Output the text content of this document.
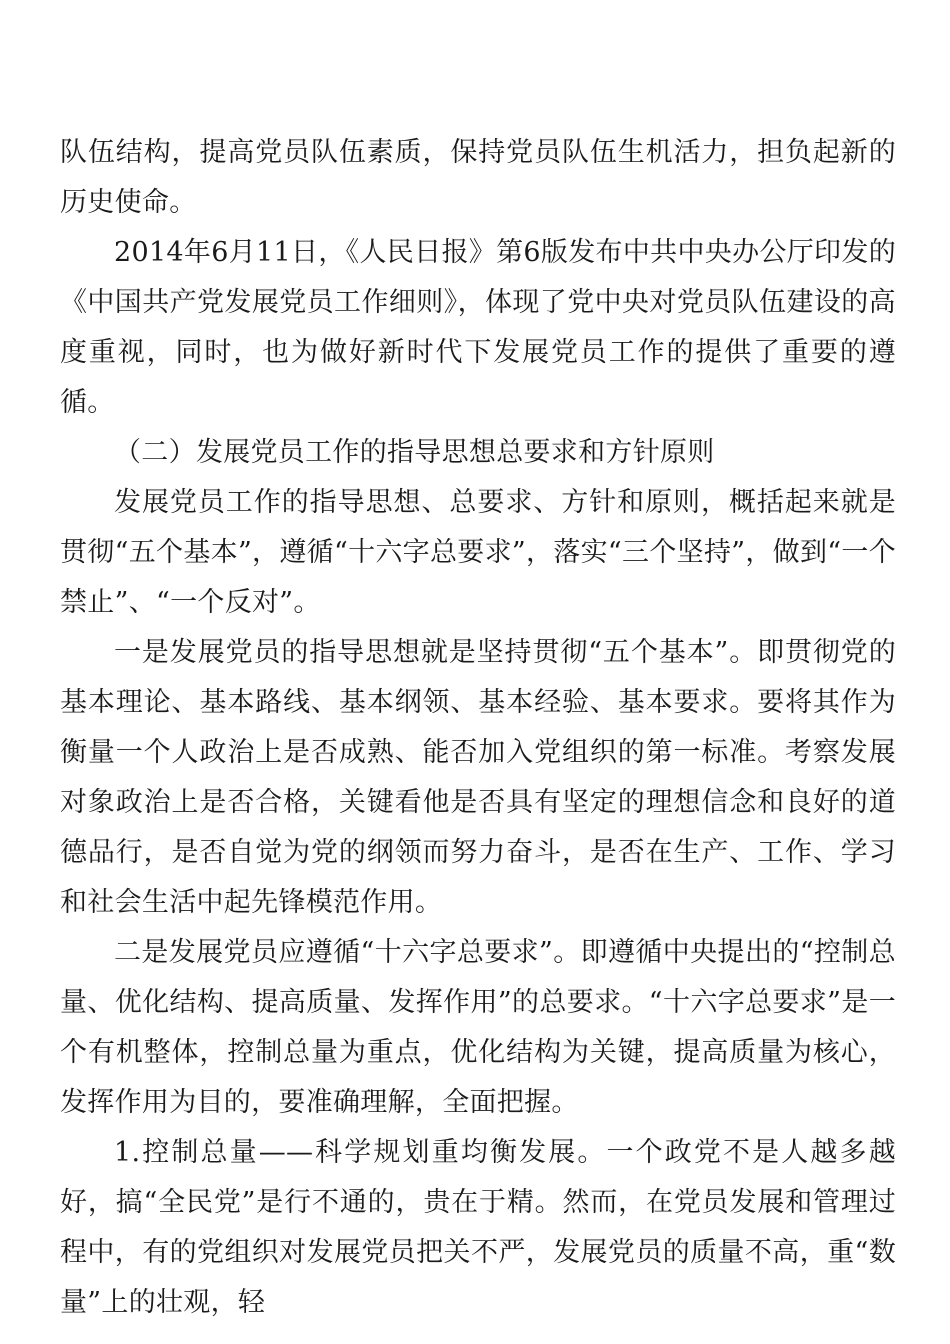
队伍结构，提高党员队伍素质，保持党员队伍生机活力，担负起新的历史使命。

2014年6月11日，《人民日报》第6版发布中共中央办公厅印发的《中国共产党发展党员工作细则》，体现了党中央对党员队伍建设的高度重视，同时，也为做好新时代下发展党员工作的提供了重要的遵循。

（二）发展党员工作的指导思想总要求和方针原则

发展党员工作的指导思想、总要求、方针和原则，概括起来就是贯彻“五个基本”，遵循“十六字总要求”，落实“三个坚持”，做到“一个禁止”、“一个反对”。

一是发展党员的指导思想就是坚持贯彻“五个基本”。即贯彻党的基本理论、基本路线、基本纲领、基本经验、基本要求。要将其作为衡量一个人政治上是否成熟、能否加入党组织的第一标准。考察发展对象政治上是否合格，关键看他是否具有坚定的理想信念和良好的道德品行，是否自觉为党的纲领而努力奋斗，是否在生产、工作、学习和社会生活中起先锋模范作用。

二是发展党员应遵循“十六字总要求”。即遵循中央提出的“控制总量、优化结构、提高质量、发挥作用”的总要求。“十六字总要求”是一个有机整体，控制总量为重点，优化结构为关键，提高质量为核心，发挥作用为目的，要准确理解，全面把握。

1.控制总量——科学规划重均衡发展。一个政党不是人越多越好，搞“全民党”是行不通的，贵在于精。然而，在党员发展和管理过程中，有的党组织对发展党员把关不严，发展党员的质量不高，重“数量”上的壮观，轻
